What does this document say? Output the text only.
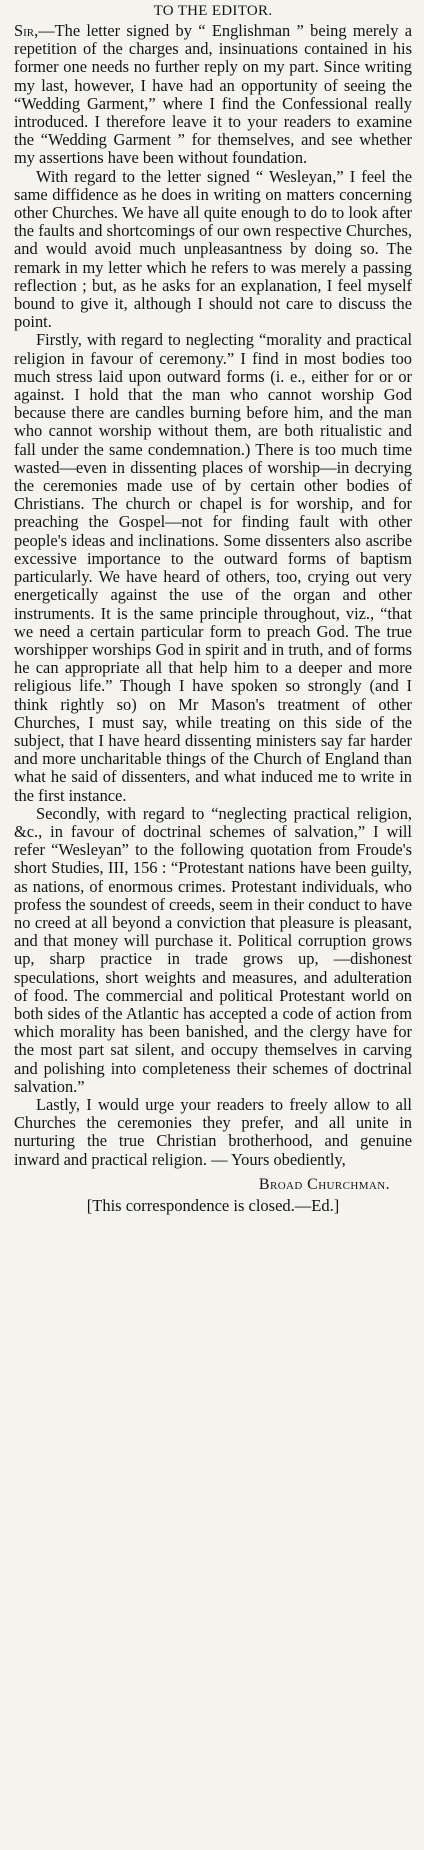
TO THE EDITOR.

Sir,—The letter signed by “ Englishman ” being merely a repetition of the charges and, insinuations contained in his former one needs no further reply on my part. Since writing my last, however, I have had an opportunity of seeing the “Wedding Garment,” where I find the Confessional really introduced. I therefore leave it to your readers to examine the “Wedding Garment ” for themselves, and see whether my assertions have been without foundation.

With regard to the letter signed “ Wesleyan,” I feel the same diffidence as he does in writing on matters concerning other Churches. We have all quite enough to do to look after the faults and shortcomings of our own respective Churches, and would avoid much unpleasantness by doing so. The remark in my letter which he refers to was merely a passing reflection ; but, as he asks for an explanation, I feel myself bound to give it, although I should not care to discuss the point.

Firstly, with regard to neglecting “morality and practical religion in favour of ceremony.” I find in most bodies too much stress laid upon outward forms (i. e., either for or or against. I hold that the man who cannot worship God because there are candles burning before him, and the man who cannot worship without them, are both ritualistic and fall under the same condemnation.) There is too much time wasted—even in dissenting places of worship—in decrying the ceremonies made use of by certain other bodies of Christians. The church or chapel is for worship, and for preaching the Gospel—not for finding fault with other people's ideas and inclinations. Some dissenters also ascribe excessive importance to the outward forms of baptism particularly. We have heard of others, too, crying out very energetically against the use of the organ and other instruments. It is the same principle throughout, viz., “that we need a certain particular form to preach God. The true worshipper worships God in spirit and in truth, and of forms he can appropriate all that help him to a deeper and more religious life.” Though I have spoken so strongly (and I think rightly so) on Mr Mason's treatment of other Churches, I must say, while treating on this side of the subject, that I have heard dissenting ministers say far harder and more uncharitable things of the Church of England than what he said of dissenters, and what induced me to write in the first instance.

Secondly, with regard to “neglecting practical religion, &c., in favour of doctrinal schemes of salvation,” I will refer “Wesleyan” to the following quotation from Froude's short Studies, III, 156 : “Protestant nations have been guilty, as nations, of enormous crimes. Protestant individuals, who profess the soundest of creeds, seem in their conduct to have no creed at all beyond a conviction that pleasure is pleasant, and that money will purchase it. Political corruption grows up, sharp practice in trade grows up, —dishonest speculations, short weights and measures, and adulteration of food. The commercial and political Protestant world on both sides of the Atlantic has accepted a code of action from which morality has been banished, and the clergy have for the most part sat silent, and occupy themselves in carving and polishing into completeness their schemes of doctrinal salvation.”

Lastly, I would urge your readers to freely allow to all Churches the ceremonies they prefer, and all unite in nurturing the true Christian brotherhood, and genuine inward and practical religion. — Yours obediently,

Broad Churchman.
[This correspondence is closed.—Ed.]
